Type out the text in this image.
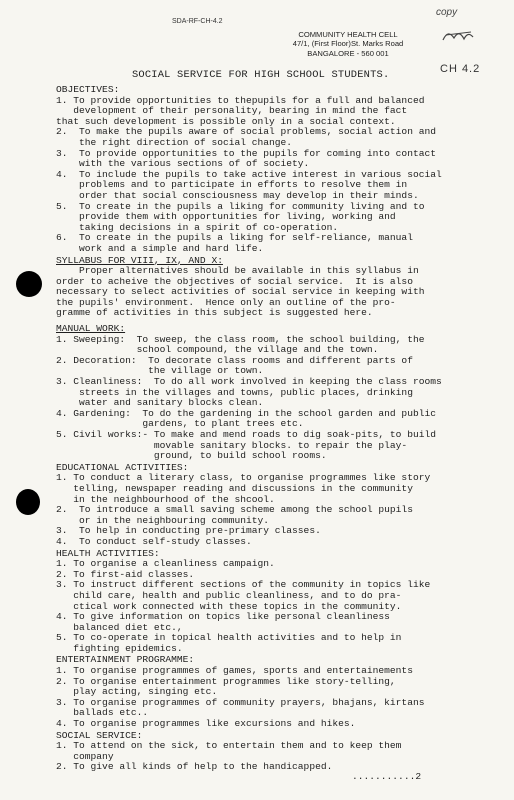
SDA-RF-CH-4.2
copy
CH 4.2
COMMUNITY HEALTH CELL
47/1, (First Floor)St. Marks Road
BANGALORE - 560 001
SOCIAL SERVICE FOR HIGH SCHOOL STUDENTS.
OBJECTIVES:
1. To provide opportunities to thepupils for a full and balanced
development of their personality, bearing in mind the fact
that such development is possible only in a social context.
2.  To make the pupils aware of social problems, social action and
the right direction of social change.
3.  To provide opportunities to the pupils for coming into contact
with the various sections of of society.
4.  To include the pupils to take active interest in various social
problems and to participate in efforts to resolve them in
order that social consciousness may develop in their minds.
5.  To create in the pupils a liking for community living and to
provide them with opportunities for living, working and
taking decisions in a spirit of co-operation.
6.  To create in the pupils a liking for self-reliance, manual
work and a simple and hard life.
SYLLABUS FOR VIII, IX, AND X:
Proper alternatives should be available in this syllabus in
order to acheive the objectives of social service.  It is also
necessary to select activities of social service in keeping with
the pupils' environment.  Hence only an outline of the pro-
gramme of activities in this subject is suggested here.
MANUAL WORK:
1. Sweeping:  To sweep, the class room, the school building, the
school compound, the village and the town.
2. Decoration:  To decorate class rooms and different parts of
the village or town.
3. Cleanliness:  To do all work involved in keeping the class rooms
streets in the villages and towns, public places, drinking
water and sanitary blocks clean.
4. Gardening:  To do the gardening in the school garden and public
gardens, to plant trees etc.
5. Civil works:- To make and mend roads to dig soak-pits, to build
movable sanitary blocks. to repair the play-
ground, to build school rooms.
EDUCATIONAL ACTIVITIES:
1. To conduct a literary class, to organise programmes like story
telling, newspaper reading and discussions in the community
in the neighbourhood of the shcool.
2.  To introduce a small saving scheme among the school pupils
or in the neighbouring community.
3.  To help in conducting pre-primary classes.
4.  To conduct self-study classes.
HEALTH ACTIVITIES:
1. To organise a cleanliness campaign.
2. To first-aid classes.
3. To instruct different sections of the community in topics like
child care, health and public cleanliness, and to do pra-
ctical work connected with these topics in the community.
4. To give information on topics like personal cleanliness
balanced diet etc.,
5. To co-operate in topical health activities and to help in
fighting epidemics.
ENTERTAINMENT PROGRAMME:
1. To organise programmes of games, sports and entertainements
2. To organise entertainment programmes like story-telling,
play acting, singing etc.
3. To organise programmes of community prayers, bhajans, kirtans
ballads etc..
4. To organise programmes like excursions and hikes.
SOCIAL SERVICE:
1. To attend on the sick, to entertain them and to keep them
company
2. To give all kinds of help to the handicapped.
...........2
